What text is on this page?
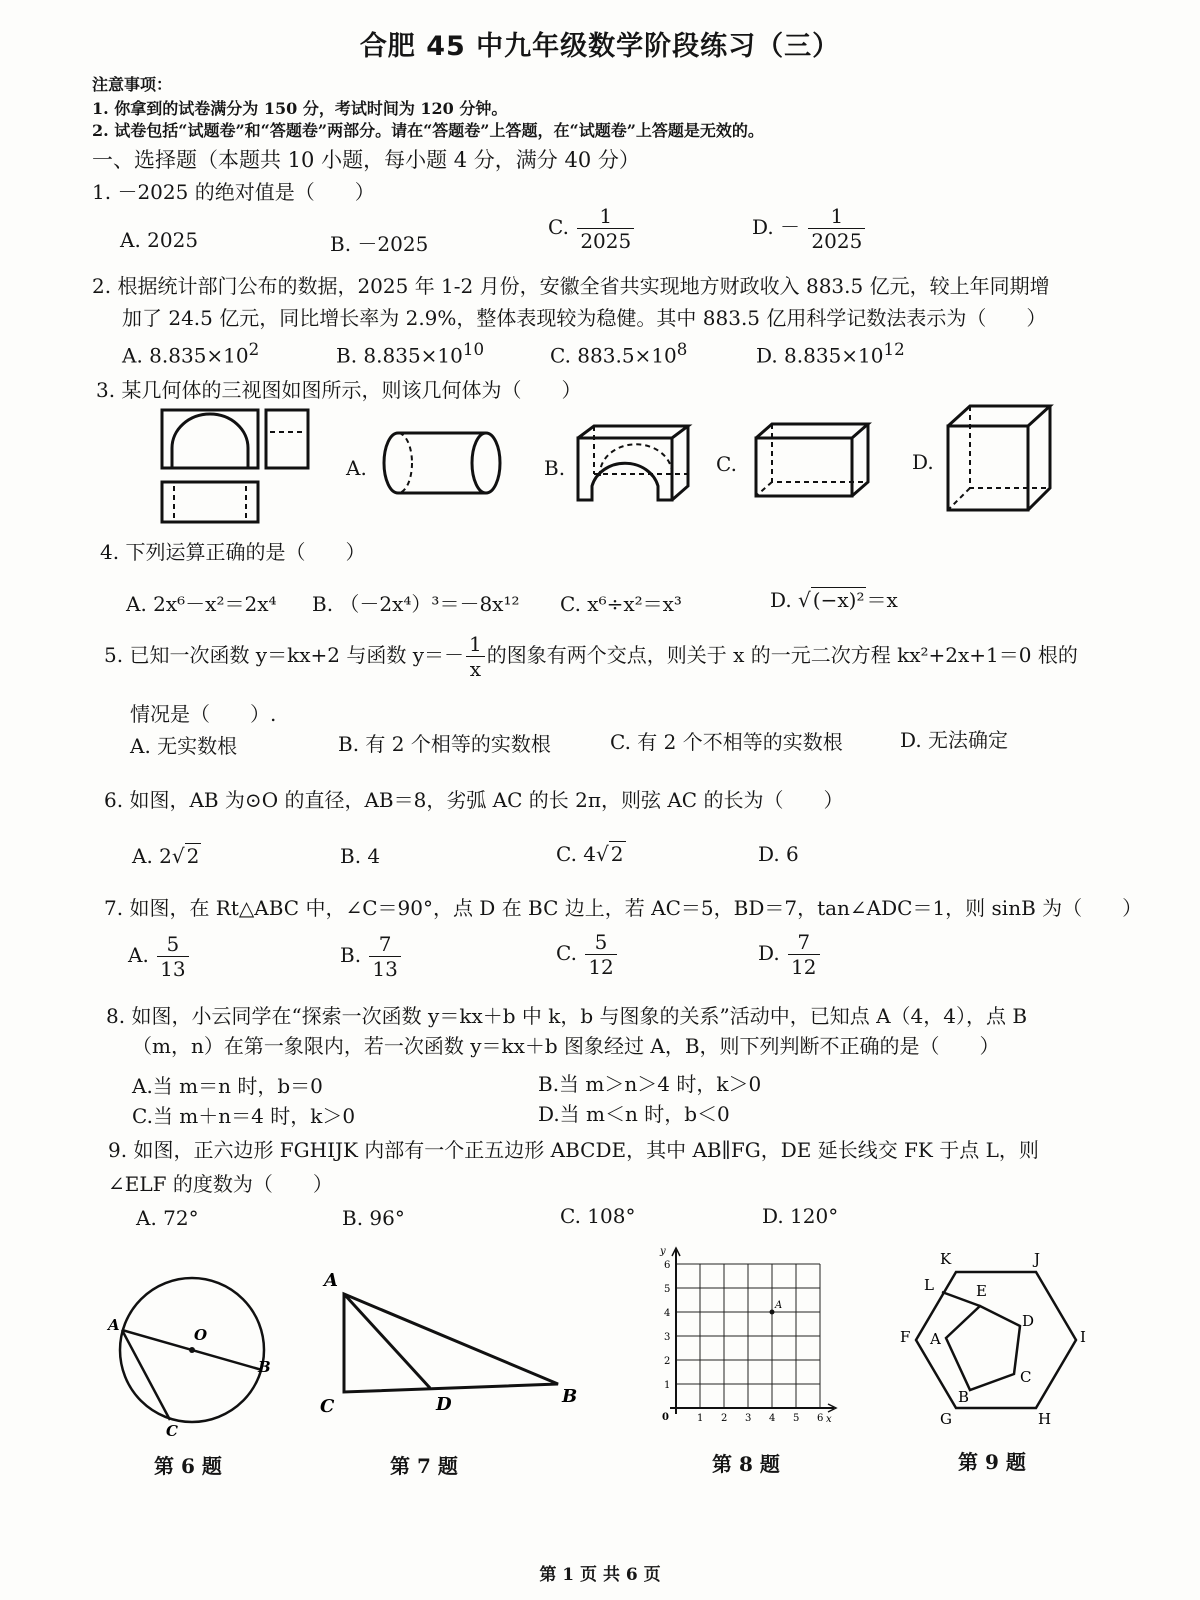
合肥 45 中九年级数学阶段练习（三）
注意事项：
1. 你拿到的试卷满分为 150 分，考试时间为 120 分钟。
2. 试卷包括“试题卷”和“答题卷”两部分。请在“答题卷”上答题，在“试题卷”上答题是无效的。
一、选择题（本题共 10 小题，每小题 4 分，满分 40 分）
1. －2025 的绝对值是（　　）
A. 2025	B. －2025
C. $\frac{1}{2025}$	D. － $\frac{1}{2025}$
2. 根据统计部门公布的数据，2025 年 1-2 月份，安徽全省共实现地方财政收入 883.5 亿元，较上年同期增
加了 24.5 亿元，同比增长率为 2.9%，整体表现较为稳健。其中 883.5 亿用科学记数法表示为（　　）
A. $8.835\times 10^2$	B. $8.835\times 10^{10}$	C. $883.5\times 10^8$	D. $8.835\times 10^{12}$
3. 某几何体的三视图如图所示，则该几何体为（　　）
A.	B.	C.	D.
4. 下列运算正确的是（　　）
A. 2x⁶－x²＝2x⁴ B. （－2x⁴）³＝－8x¹² C. x⁶÷x²＝x³	D. √ (−x)² ＝x
5. 已知一次函数 y＝kx+2 与函数 $y=- \frac{1}{x}$ 的图象有两个交点，则关于 x 的一元二次方程 kx²+2x+1＝0 根的
情况是（　　）.
A. 无实数根	B. 有 2 个相等的实数根	C. 有 2 个不相等的实数根	D. 无法确定
6. 如图，AB 为⊙O 的直径，AB＝8，劣弧 AC 的长 2π，则弦 AC 的长为（　　）
A. 2√ 2	B. 4	C. 4√ 2	D. 6
7. 如图，在 Rt△ABC 中，∠C＝90°，点 D 在 BC 边上，若 AC＝5，BD＝7，tan∠ADC＝1，则 sinB 为（　　）
A. $\frac{5}{13}$	B. $\frac{7}{13}$	C. $\frac{5}{12}$	D. $\frac{7}{12}$
8. 如图，小云同学在“探索一次函数 y＝kx＋b 中 k，b 与图象的关系”活动中，已知点 A（4，4），点 B
（m，n）在第一象限内，若一次函数 y＝kx＋b 图象经过 A，B，则下列判断不正确的是（　　）
A.当 m＝n 时，b＝0	B.当 m＞n＞4 时，k＞0
C.当 m＋n＝4 时，k＞0	D.当 m＜n 时，b＜0
9. 如图，正六边形 FGHIJK 内部有一个正五边形 ABCDE，其中 AB∥FG，DE 延长线交 FK 于点 L，则
∠ELF 的度数为（　　）
A. 72°	B. 96°	C. 108°	D. 120°
A
O
B
C
第 6 题
A
C	D	B
第 7 题
A
y
x
0	1
1
2
2
3
3
4
4
5
5
6
6
第 8 题
K	J
L	E
F A
D
I
B
C
G	H
第 9 题
第 1 页 共 6 页
